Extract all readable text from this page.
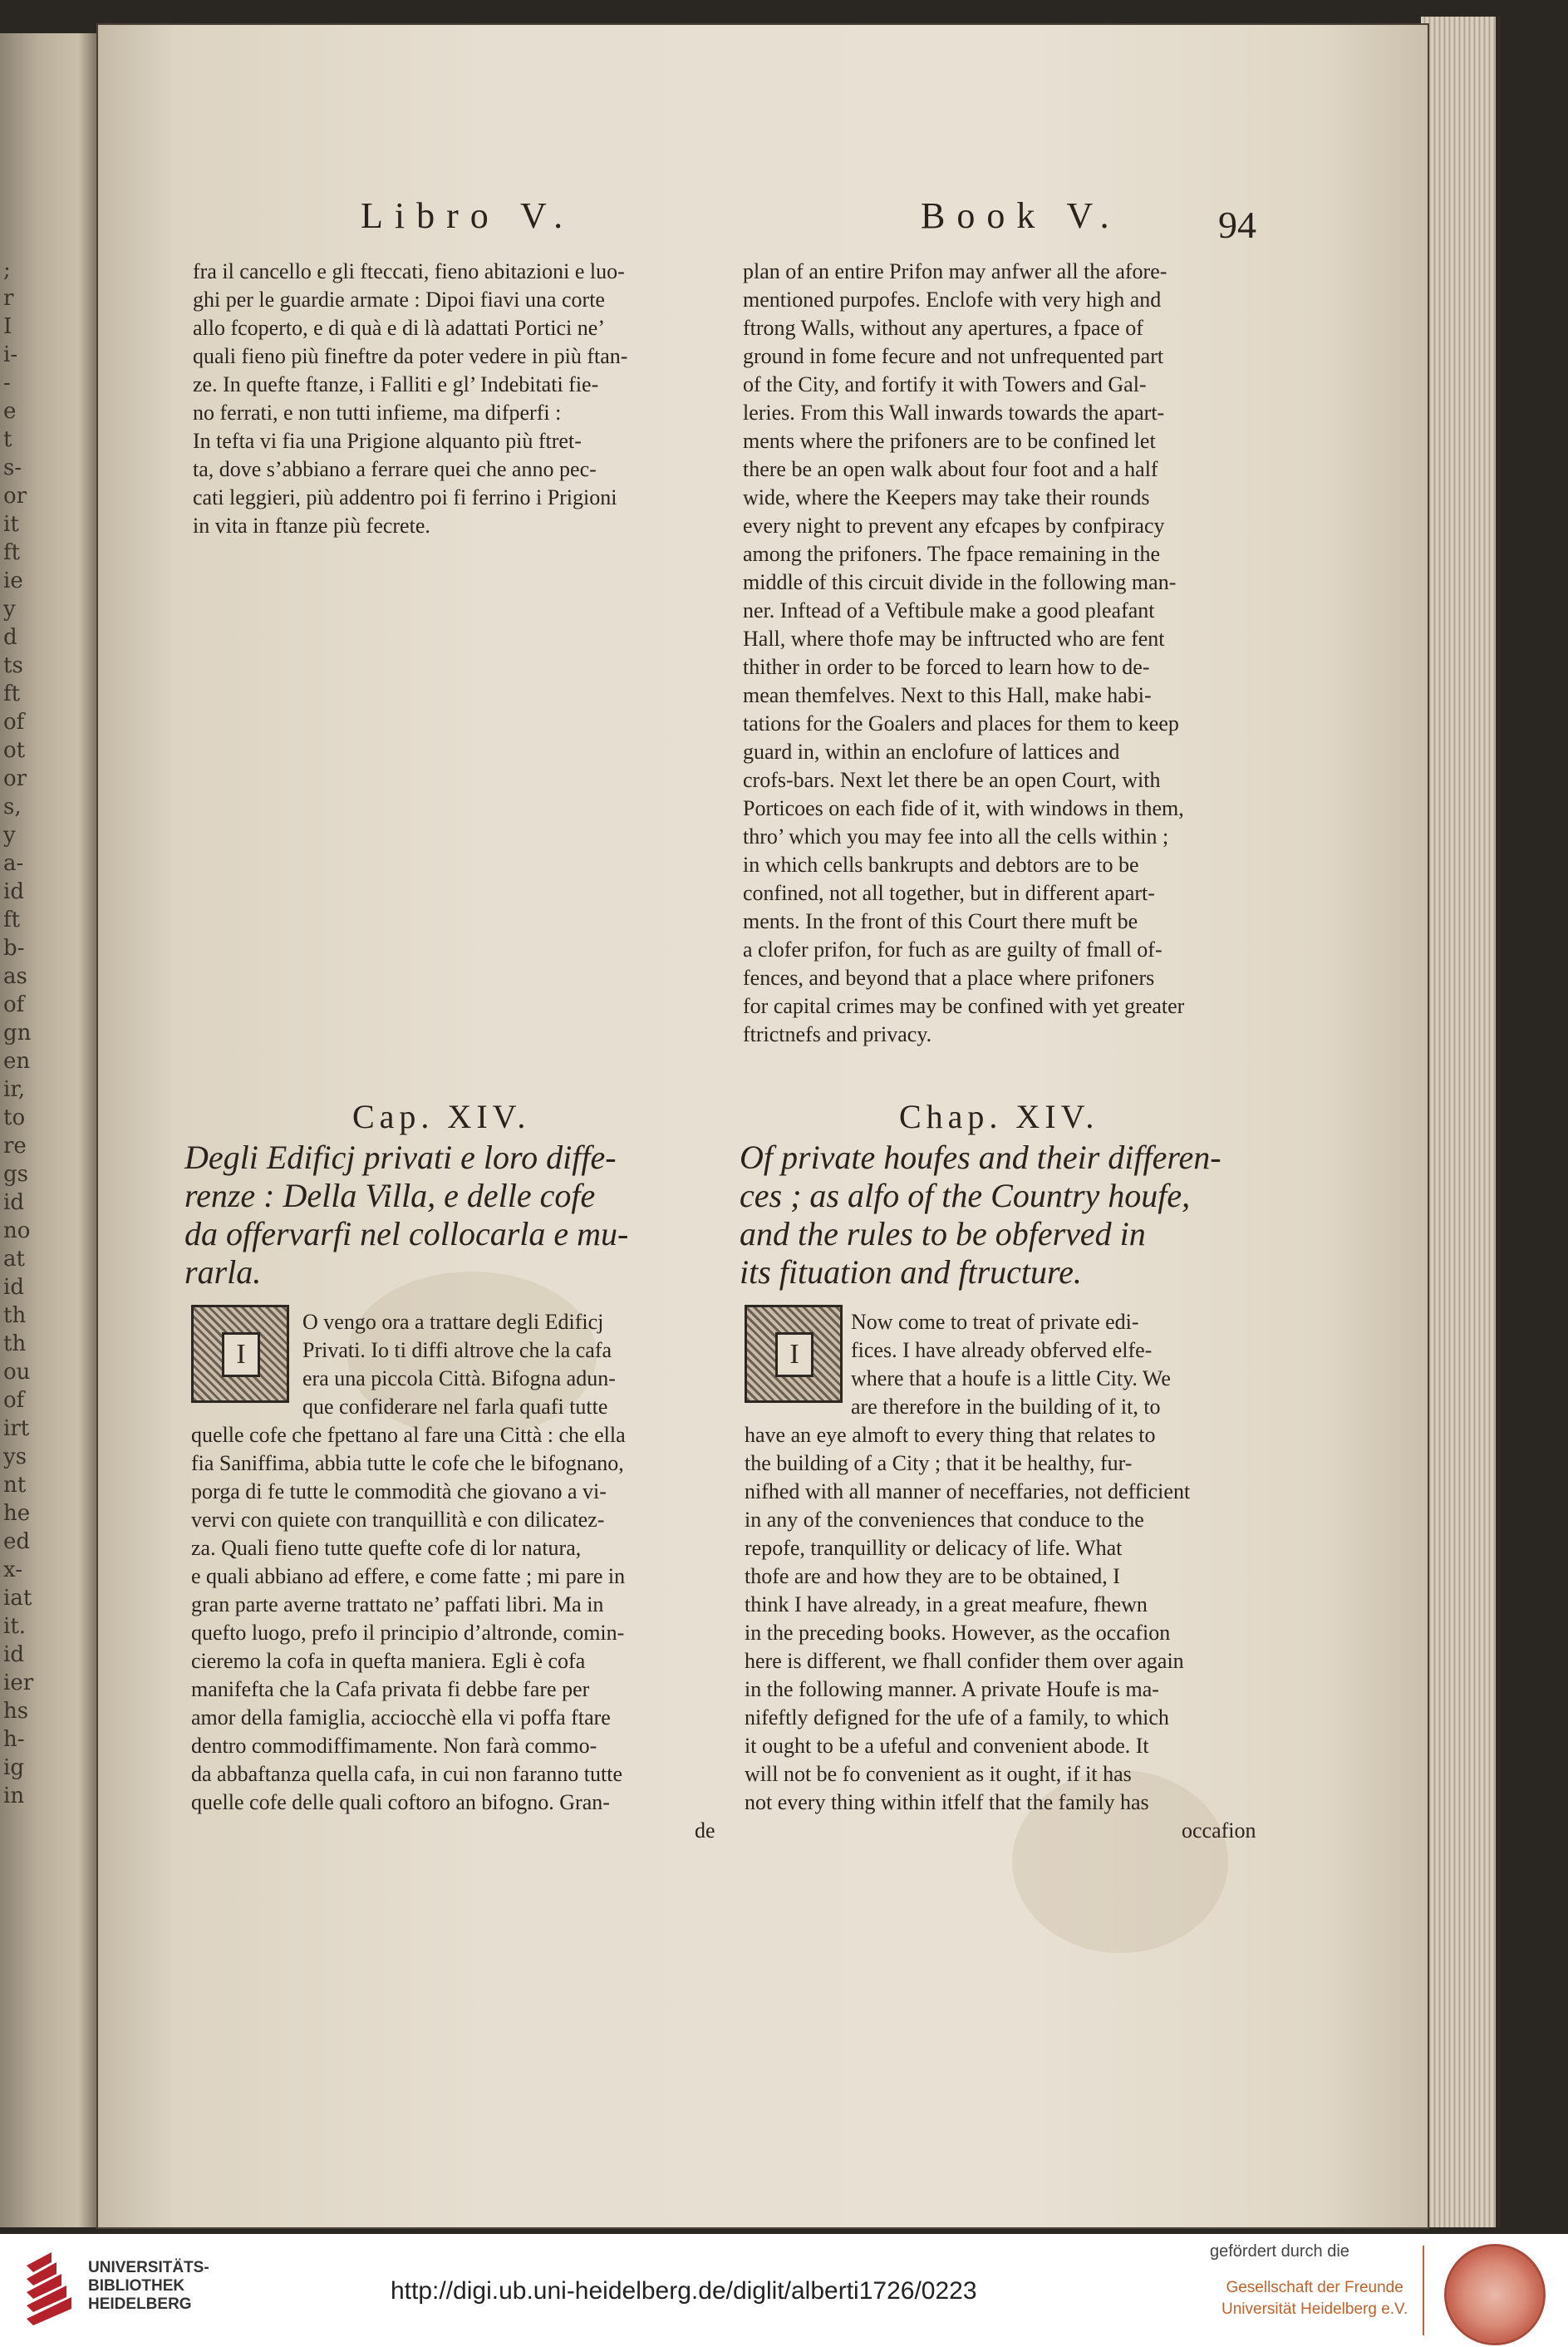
;
r
I
i-
-
e
t
s-
or
it
ft
ie
y
d
ts
ft
of
ot
or
s,
y
a-
id
ft
b-
as
of
gn
en
ir,
to
re
gs
id
no
at
id
th
th
ou
of
irt
ys
nt
he
ed
x-
iat
it.
id
ier
hs
h-
ig
in
Libro V.	Book V.	94
fra il cancello e gli fteccati, fieno abitazioni e luo-
ghi per le guardie armate : Dipoi fiavi una corte
allo fcoperto, e di quà e di là adattati Portici ne’
quali fieno più fineftre da poter vedere in più ftan-
ze. In quefte ftanze, i Falliti e gl’ Indebitati fie-
no ferrati, e non tutti infieme, ma difperfi :
In tefta vi fia una Prigione alquanto più ftret-
ta, dove s’abbiano a ferrare quei che anno pec-
cati leggieri, più addentro poi fi ferrino i Prigioni
in vita in ftanze più fecrete.
plan of an entire Prifon may anfwer all the afore-
mentioned purpofes. Enclofe with very high and
ftrong Walls, without any apertures, a fpace of
ground in fome fecure and not unfrequented part
of the City, and fortify it with Towers and Gal-
leries. From this Wall inwards towards the apart-
ments where the prifoners are to be confined let
there be an open walk about four foot and a half
wide, where the Keepers may take their rounds
every night to prevent any efcapes by confpiracy
among the prifoners. The fpace remaining in the
middle of this circuit divide in the following man-
ner. Inftead of a Veftibule make a good pleafant
Hall, where thofe may be inftructed who are fent
thither in order to be forced to learn how to de-
mean themfelves. Next to this Hall, make habi-
tations for the Goalers and places for them to keep
guard in, within an enclofure of lattices and
crofs-bars. Next let there be an open Court, with
Porticoes on each fide of it, with windows in them,
thro’ which you may fee into all the cells within ;
in which cells bankrupts and debtors are to be
confined, not all together, but in different apart-
ments. In the front of this Court there muft be
a clofer prifon, for fuch as are guilty of fmall of-
fences, and beyond that a place where prifoners
for capital crimes may be confined with yet greater
ftrictnefs and privacy.
Cap. XIV.	Chap. XIV.
Degli Edificj privati e loro diffe-
renze : Della Villa, e delle cofe
da offervarfi nel collocarla e mu-
rarla.
Of private houfes and their differen-
ces ; as alfo of the Country houfe,
and the rules to be obferved in
its fituation and ftructure.
I	I
O vengo ora a trattare degli Edificj
Privati. Io ti diffi altrove che la cafa
era una piccola Città. Bifogna adun-
que confiderare nel farla quafi tutte
Now come to treat of private edi-
fices. I have already obferved elfe-
where that a houfe is a little City. We
are therefore in the building of it, to
quelle cofe che fpettano al fare una Città : che ella
fia Saniffima, abbia tutte le cofe che le bifognano,
porga di fe tutte le commodità che giovano a vi-
vervi con quiete con tranquillità e con dilicatez-
za. Quali fieno tutte quefte cofe di lor natura,
e quali abbiano ad effere, e come fatte ; mi pare in
gran parte averne trattato ne’ paffati libri. Ma in
quefto luogo, prefo il principio d’altronde, comin-
cieremo la cofa in quefta maniera. Egli è cofa
manifefta che la Cafa privata fi debbe fare per
amor della famiglia, acciocchè ella vi poffa ftare
dentro commodiffimamente. Non farà commo-
da abbaftanza quella cafa, in cui non faranno tutte
quelle cofe delle quali coftoro an bifogno. Gran-
have an eye almoft to every thing that relates to
the building of a City ; that it be healthy, fur-
nifhed with all manner of neceffaries, not defficient
in any of the conveniences that conduce to the
repofe, tranquillity or delicacy of life. What
thofe are and how they are to be obtained, I
think I have already, in a great meafure, fhewn
in the preceding books. However, as the occafion
here is different, we fhall confider them over again
in the following manner. A private Houfe is ma-
nifeftly defigned for the ufe of a family, to which
it ought to be a ufeful and convenient abode. It
will not be fo convenient as it ought, if it has
not every thing within itfelf that the family has
de	occafion
UNIVERSITÄTS-
BIBLIOTHEK
HEIDELBERG	http://digi.ub.uni-heidelberg.de/diglit/alberti1726/0223
gefördert durch die
Gesellschaft der Freunde
Universität Heidelberg e.V.
